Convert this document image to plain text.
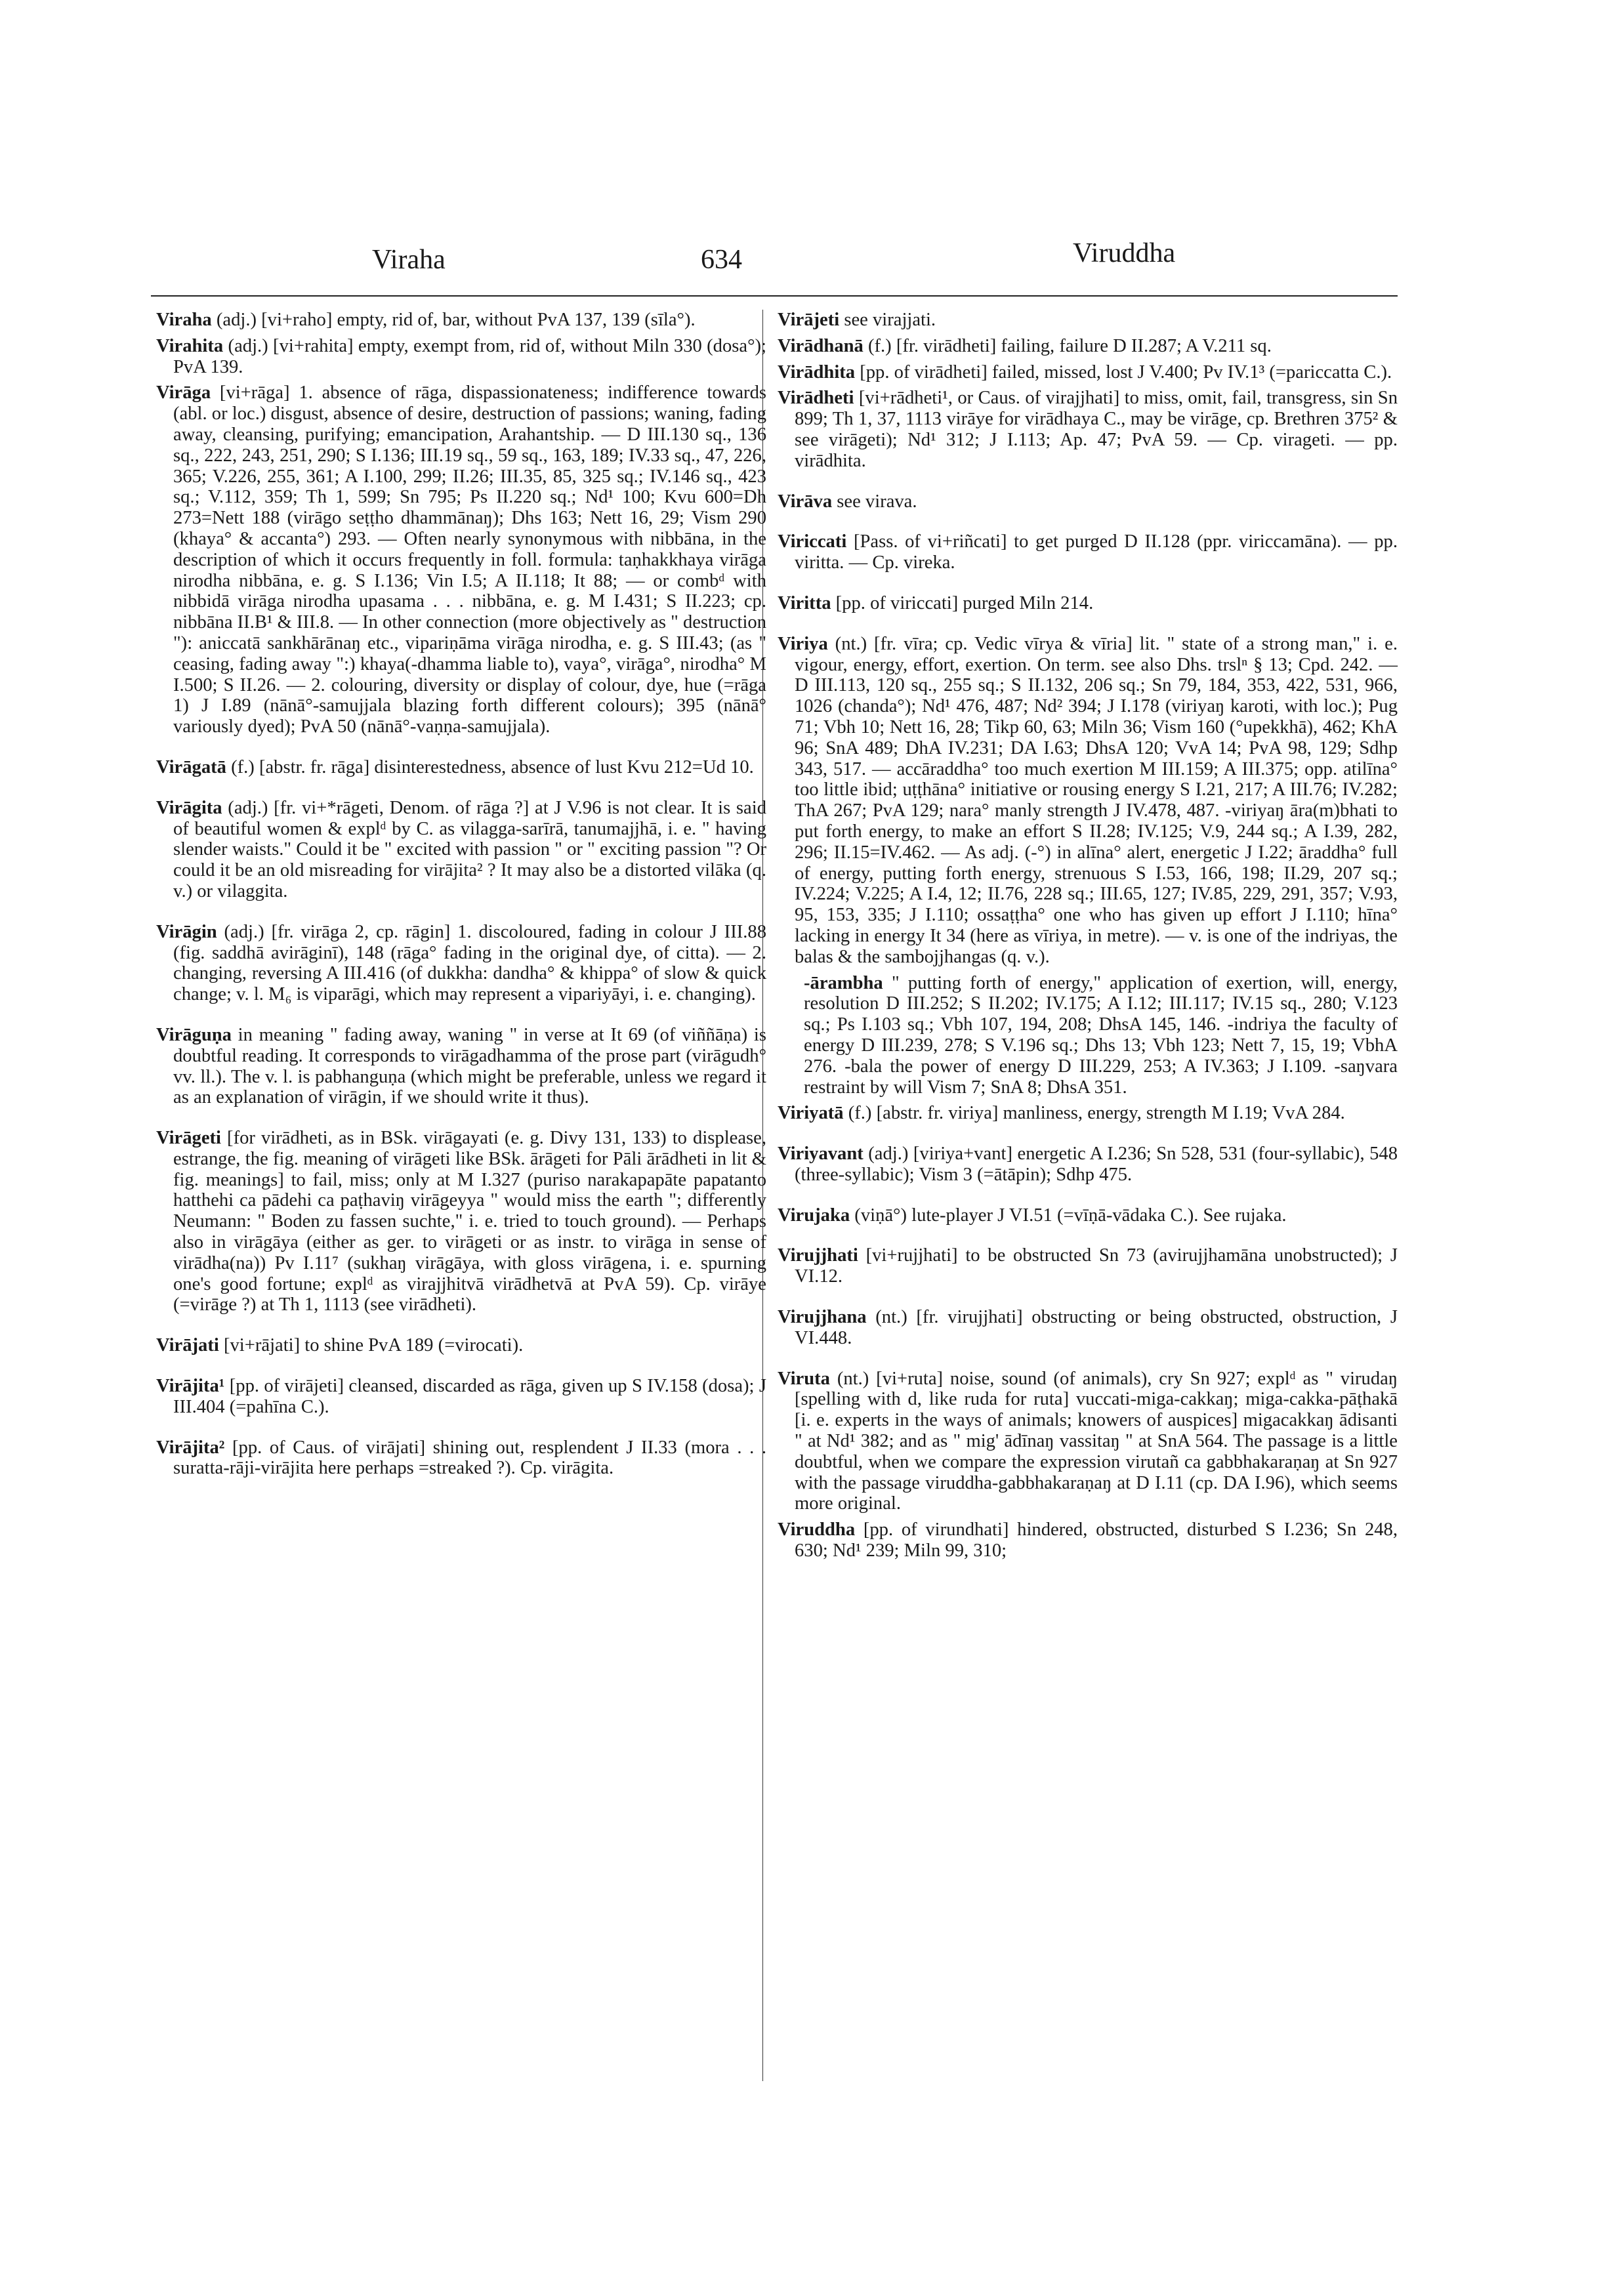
Viraha	634	Viruddha

Viraha (adj.) [vi+raho] empty, rid of, bar, without PvA 137, 139 (sīla°).

Virahita (adj.) [vi+rahita] empty, exempt from, rid of, without Miln 330 (dosa°); PvA 139.

Virāga [vi+rāga] 1. absence of rāga, dispassionateness; indifference towards (abl. or loc.) disgust, absence of desire, destruction of passions; waning, fading away, cleansing, purifying; emancipation, Arahantship. — D III.130 sq., 136 sq., 222, 243, 251, 290; S I.136; III.19 sq., 59 sq., 163, 189; IV.33 sq., 47, 226, 365; V.226, 255, 361; A I.100, 299; II.26; III.35, 85, 325 sq.; IV.146 sq., 423 sq.; V.112, 359; Th 1, 599; Sn 795; Ps II.220 sq.; Nd¹ 100; Kvu 600=Dh 273=Nett 188 (virāgo seṭṭho dhammānaŋ); Dhs 163; Nett 16, 29; Vism 290 (khaya° & accanta°) 293. — Often nearly synonymous with nibbāna, in the description of which it occurs frequently in foll. formula: taṇhakkhaya virāga nirodha nibbāna, e. g. S I.136; Vin I.5; A II.118; It 88; — or combᵈ with nibbidā virāga nirodha upasama . . . nibbāna, e. g. M I.431; S II.223; cp. nibbāna II.B¹ & III.8. — In other connection (more objectively as " destruction "): aniccatā sankhārānaŋ etc., vipariṇāma virāga nirodha, e. g. S III.43; (as " ceasing, fading away ":) khaya(-dhamma liable to), vaya°, virāga°, nirodha° M I.500; S II.26. — 2. colouring, diversity or display of colour, dye, hue (=rāga 1) J I.89 (nānā°-samujjala blazing forth different colours); 395 (nānā° variously dyed); PvA 50 (nānā°-vaṇṇa-samujjala).

Virāgatā (f.) [abstr. fr. rāga] disinterestedness, absence of lust Kvu 212=Ud 10.

Virāgita (adj.) [fr. vi+*rāgeti, Denom. of rāga ?] at J V.96 is not clear. It is said of beautiful women & explᵈ by C. as vilagga-sarīrā, tanumajjhā, i. e. " having slender waists." Could it be " excited with passion " or " exciting passion "? Or could it be an old misreading for virājita² ? It may also be a distorted vilāka (q. v.) or vilaggita.

Virāgin (adj.) [fr. virāga 2, cp. rāgin] 1. discoloured, fading in colour J III.88 (fig. saddhā avirāginī), 148 (rāga° fading in the original dye, of citta). — 2. changing, reversing A III.416 (of dukkha: dandha° & khippa° of slow & quick change; v. l. M₆ is viparāgi, which may represent a vipariyāyi, i. e. changing).

Virāguṇa in meaning " fading away, waning " in verse at It 69 (of viññāṇa) is doubtful reading. It corresponds to virāgadhamma of the prose part (virāgudh° vv. ll.). The v. l. is pabhanguṇa (which might be preferable, unless we regard it as an explanation of virāgin, if we should write it thus).

Virāgeti [for virādheti, as in BSk. virāgayati (e. g. Divy 131, 133) to displease, estrange, the fig. meaning of virāgeti like BSk. ārāgeti for Pāli ārādheti in lit & fig. meanings] to fail, miss; only at M I.327 (puriso narakapapāte papatanto hatthehi ca pādehi ca paṭhaviŋ virāgeyya " would miss the earth "; differently Neumann: " Boden zu fassen suchte," i. e. tried to touch ground). — Perhaps also in virāgāya (either as ger. to virāgeti or as instr. to virāga in sense of virādha(na)) Pv I.11⁷ (sukhaŋ virāgāya, with gloss virāgena, i. e. spurning one's good fortune; explᵈ as virajjhitvā virādhetvā at PvA 59). Cp. virāye (=virāge ?) at Th 1, 1113 (see virādheti).

Virājati [vi+rājati] to shine PvA 189 (=virocati).

Virājita¹ [pp. of virājeti] cleansed, discarded as rāga, given up S IV.158 (dosa); J III.404 (=pahīna C.).

Virājita² [pp. of Caus. of virājati] shining out, resplendent J II.33 (mora . . . suratta-rāji-virājita here perhaps =streaked ?). Cp. virāgita.

Virājeti see virajjati.

Virādhanā (f.) [fr. virādheti] failing, failure D II.287; A V.211 sq.

Virādhita [pp. of virādheti] failed, missed, lost J V.400; Pv IV.1³ (=pariccatta C.).

Virādheti [vi+rādheti¹, or Caus. of virajjhati] to miss, omit, fail, transgress, sin Sn 899; Th 1, 37, 1113 virāye for virādhaya C., may be virāge, cp. Brethren 375² & see virāgeti); Nd¹ 312; J I.113; Ap. 47; PvA 59. — Cp. virageti. — pp. virādhita.

Virāva see virava.

Viriccati [Pass. of vi+riñcati] to get purged D II.128 (ppr. viriccamāna). — pp. viritta. — Cp. vireka.

Viritta [pp. of viriccati] purged Miln 214.

Viriya (nt.) [fr. vīra; cp. Vedic vīrya & vīria] lit. " state of a strong man," i. e. vigour, energy, effort, exertion. On term. see also Dhs. trslⁿ § 13; Cpd. 242. — D III.113, 120 sq., 255 sq.; S II.132, 206 sq.; Sn 79, 184, 353, 422, 531, 966, 1026 (chanda°); Nd¹ 476, 487; Nd² 394; J I.178 (viriyaŋ karoti, with loc.); Pug 71; Vbh 10; Nett 16, 28; Tikp 60, 63; Miln 36; Vism 160 (°upekkhā), 462; KhA 96; SnA 489; DhA IV.231; DA I.63; DhsA 120; VvA 14; PvA 98, 129; Sdhp 343, 517. — accāraddha° too much exertion M III.159; A III.375; opp. atilīna° too little ibid; uṭṭhāna° initiative or rousing energy S I.21, 217; A III.76; IV.282; ThA 267; PvA 129; nara° manly strength J IV.478, 487. -viriyaŋ āra(m)bhati to put forth energy, to make an effort S II.28; IV.125; V.9, 244 sq.; A I.39, 282, 296; II.15=IV.462. — As adj. (-°) in alīna° alert, energetic J I.22; āraddha° full of energy, putting forth energy, strenuous S I.53, 166, 198; II.29, 207 sq.; IV.224; V.225; A I.4, 12; II.76, 228 sq.; III.65, 127; IV.85, 229, 291, 357; V.93, 95, 153, 335; J I.110; ossaṭṭha° one who has given up effort J I.110; hīna° lacking in energy It 34 (here as vīriya, in metre). — v. is one of the indriyas, the balas & the sambojjhangas (q. v.).

-ārambha " putting forth of energy," application of exertion, will, energy, resolution D III.252; S II.202; IV.175; A I.12; III.117; IV.15 sq., 280; V.123 sq.; Ps I.103 sq.; Vbh 107, 194, 208; DhsA 145, 146. -indriya the faculty of energy D III.239, 278; S V.196 sq.; Dhs 13; Vbh 123; Nett 7, 15, 19; VbhA 276. -bala the power of energy D III.229, 253; A IV.363; J I.109. -saŋvara restraint by will Vism 7; SnA 8; DhsA 351.

Viriyatā (f.) [abstr. fr. viriya] manliness, energy, strength M I.19; VvA 284.

Viriyavant (adj.) [viriya+vant] energetic A I.236; Sn 528, 531 (four-syllabic), 548 (three-syllabic); Vism 3 (=ātāpin); Sdhp 475.

Virujaka (viṇā°) lute-player J VI.51 (=vīṇā-vādaka C.). See rujaka.

Virujjhati [vi+rujjhati] to be obstructed Sn 73 (avirujjhamāna unobstructed); J VI.12.

Virujjhana (nt.) [fr. virujjhati] obstructing or being obstructed, obstruction, J VI.448.

Viruta (nt.) [vi+ruta] noise, sound (of animals), cry Sn 927; explᵈ as " virudaŋ [spelling with d, like ruda for ruta] vuccati-miga-cakkaŋ; miga-cakka-pāṭhakā [i. e. experts in the ways of animals; knowers of auspices] migacakkaŋ ādisanti " at Nd¹ 382; and as " mig' ādīnaŋ vassitaŋ " at SnA 564. The passage is a little doubtful, when we compare the expression virutañ ca gabbhakaraṇaŋ at Sn 927 with the passage viruddha-gabbhakaraṇaŋ at D I.11 (cp. DA I.96), which seems more original.

Viruddha [pp. of virundhati] hindered, obstructed, disturbed S I.236; Sn 248, 630; Nd¹ 239; Miln 99, 310;
